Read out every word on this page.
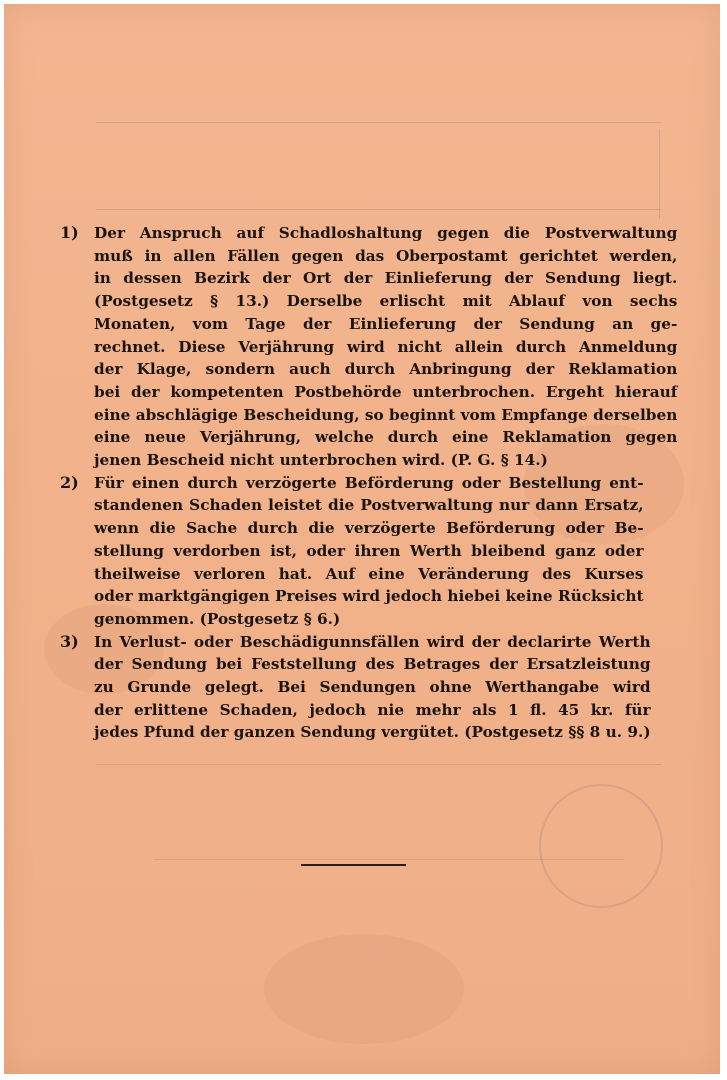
1) Der Anspruch auf Schadloshaltung gegen die Postverwaltung
muß in allen Fällen gegen das Oberpostamt gerichtet werden,
in dessen Bezirk der Ort der Einlieferung der Sendung liegt.
(Postgesetz § 13.) Derselbe erlischt mit Ablauf von sechs
Monaten, vom Tage der Einlieferung der Sendung an ge-
rechnet. Diese Verjährung wird nicht allein durch Anmeldung
der Klage, sondern auch durch Anbringung der Reklamation
bei der kompetenten Postbehörde unterbrochen. Ergeht hierauf
eine abschlägige Bescheidung, so beginnt vom Empfange derselben
eine neue Verjährung, welche durch eine Reklamation gegen
jenen Bescheid nicht unterbrochen wird. (P. G. § 14.)
2) Für einen durch verzögerte Beförderung oder Bestellung ent-
standenen Schaden leistet die Postverwaltung nur dann Ersatz,
wenn die Sache durch die verzögerte Beförderung oder Be-
stellung verdorben ist, oder ihren Werth bleibend ganz oder
theilweise verloren hat. Auf eine Veränderung des Kurses
oder marktgängigen Preises wird jedoch hiebei keine Rücksicht
genommen. (Postgesetz § 6.)
3) In Verlust- oder Beschädigunnsfällen wird der declarirte Werth
der Sendung bei Feststellung des Betrages der Ersatzleistung
zu Grunde gelegt. Bei Sendungen ohne Werthangabe wird
der erlittene Schaden, jedoch nie mehr als 1 fl. 45 kr. für
jedes Pfund der ganzen Sendung vergütet. (Postgesetz §§ 8 u. 9.)
